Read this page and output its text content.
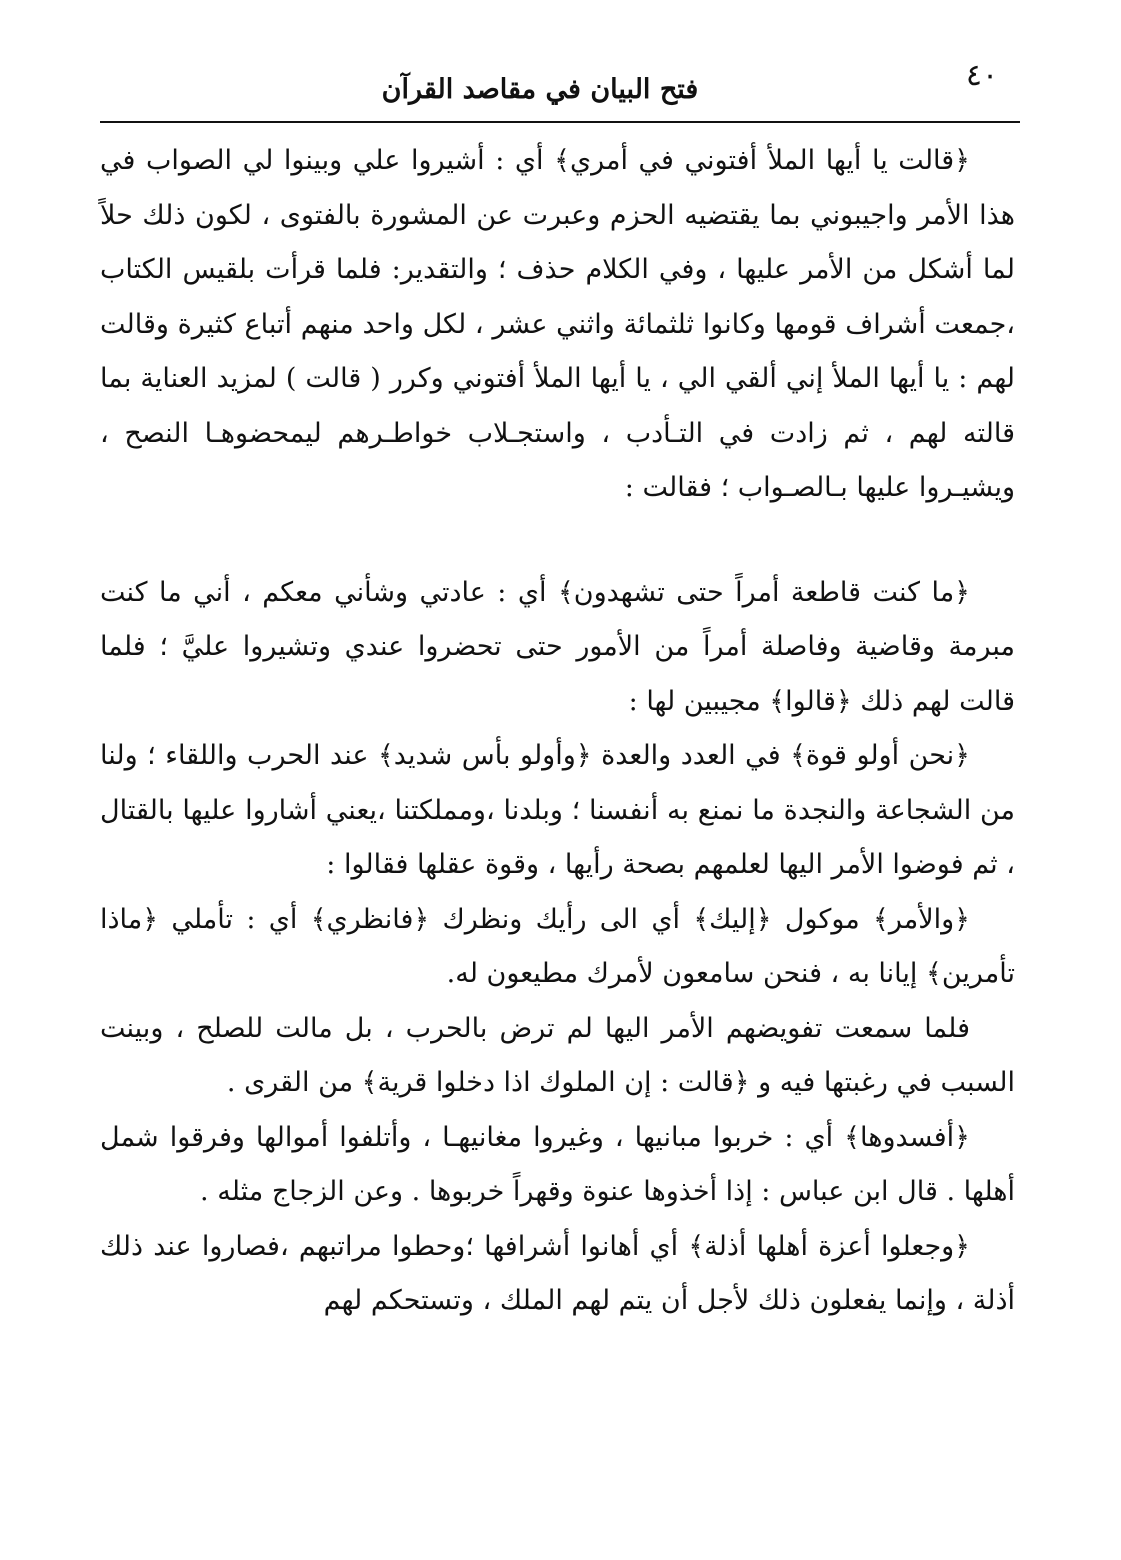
٤٠
فتح البيان في مقاصد القرآن

﴿قالت يا أيها الملأ أفتوني في أمري﴾ أي : أشيروا علي وبينوا لي الصواب في هذا الأمر واجيبوني بما يقتضيه الحزم وعبرت عن المشورة بالفتوى ، لكون ذلك حلاً لما أشكل من الأمر عليها ، وفي الكلام حذف ؛ والتقدير: فلما قرأت بلقيس الكتاب ،جمعت أشراف قومها وكانوا ثلثمائة واثني عشر ، لكل واحد منهم أتباع كثيرة وقالت لهم : يا أيها الملأ إني ألقي الي ، يا أيها الملأ أفتوني وكرر ( قالت ) لمزيد العناية بما قالته لهم ، ثم زادت في التـأدب ، واستجـلاب خواطـرهم ليمحضوهـا النصح ، ويشيـروا عليها بـالصـواب ؛ فقالت :

﴿ما كنت قاطعة أمراً حتى تشهدون﴾ أي : عادتي وشأني معكم ، أني ما كنت مبرمة وقاضية وفاصلة أمراً من الأمور حتى تحضروا عندي وتشيروا عليَّ ؛ فلما قالت لهم ذلك ﴿قالوا﴾ مجيبين لها :

﴿نحن أولو قوة﴾ في العدد والعدة ﴿وأولو بأس شديد﴾ عند الحرب واللقاء ؛ ولنا من الشجاعة والنجدة ما نمنع به أنفسنا ؛ وبلدنا ،ومملكتنا ،يعني أشاروا عليها بالقتال ، ثم فوضوا الأمر اليها لعلمهم بصحة رأيها ، وقوة عقلها فقالوا :

﴿والأمر﴾ موكول ﴿إليك﴾ أي الى رأيك ونظرك ﴿فانظري﴾ أي : تأملي ﴿ماذا تأمرين﴾ إيانا به ، فنحن سامعون لأمرك مطيعون له.

فلما سمعت تفويضهم الأمر اليها لم ترض بالحرب ، بل مالت للصلح ، وبينت السبب في رغبتها فيه و ﴿قالت : إن الملوك اذا دخلوا قرية﴾ من القرى .

﴿أفسدوها﴾ أي : خربوا مبانيها ، وغيروا مغانيهـا ، وأتلفوا أموالها وفرقوا شمل أهلها . قال ابن عباس : إذا أخذوها عنوة وقهراً خربوها . وعن الزجاج مثله .

﴿وجعلوا أعزة أهلها أذلة﴾ أي أهانوا أشرافها ؛وحطوا مراتبهم ،فصاروا عند ذلك أذلة ، وإنما يفعلون ذلك لأجل أن يتم لهم الملك ، وتستحكم لهم
